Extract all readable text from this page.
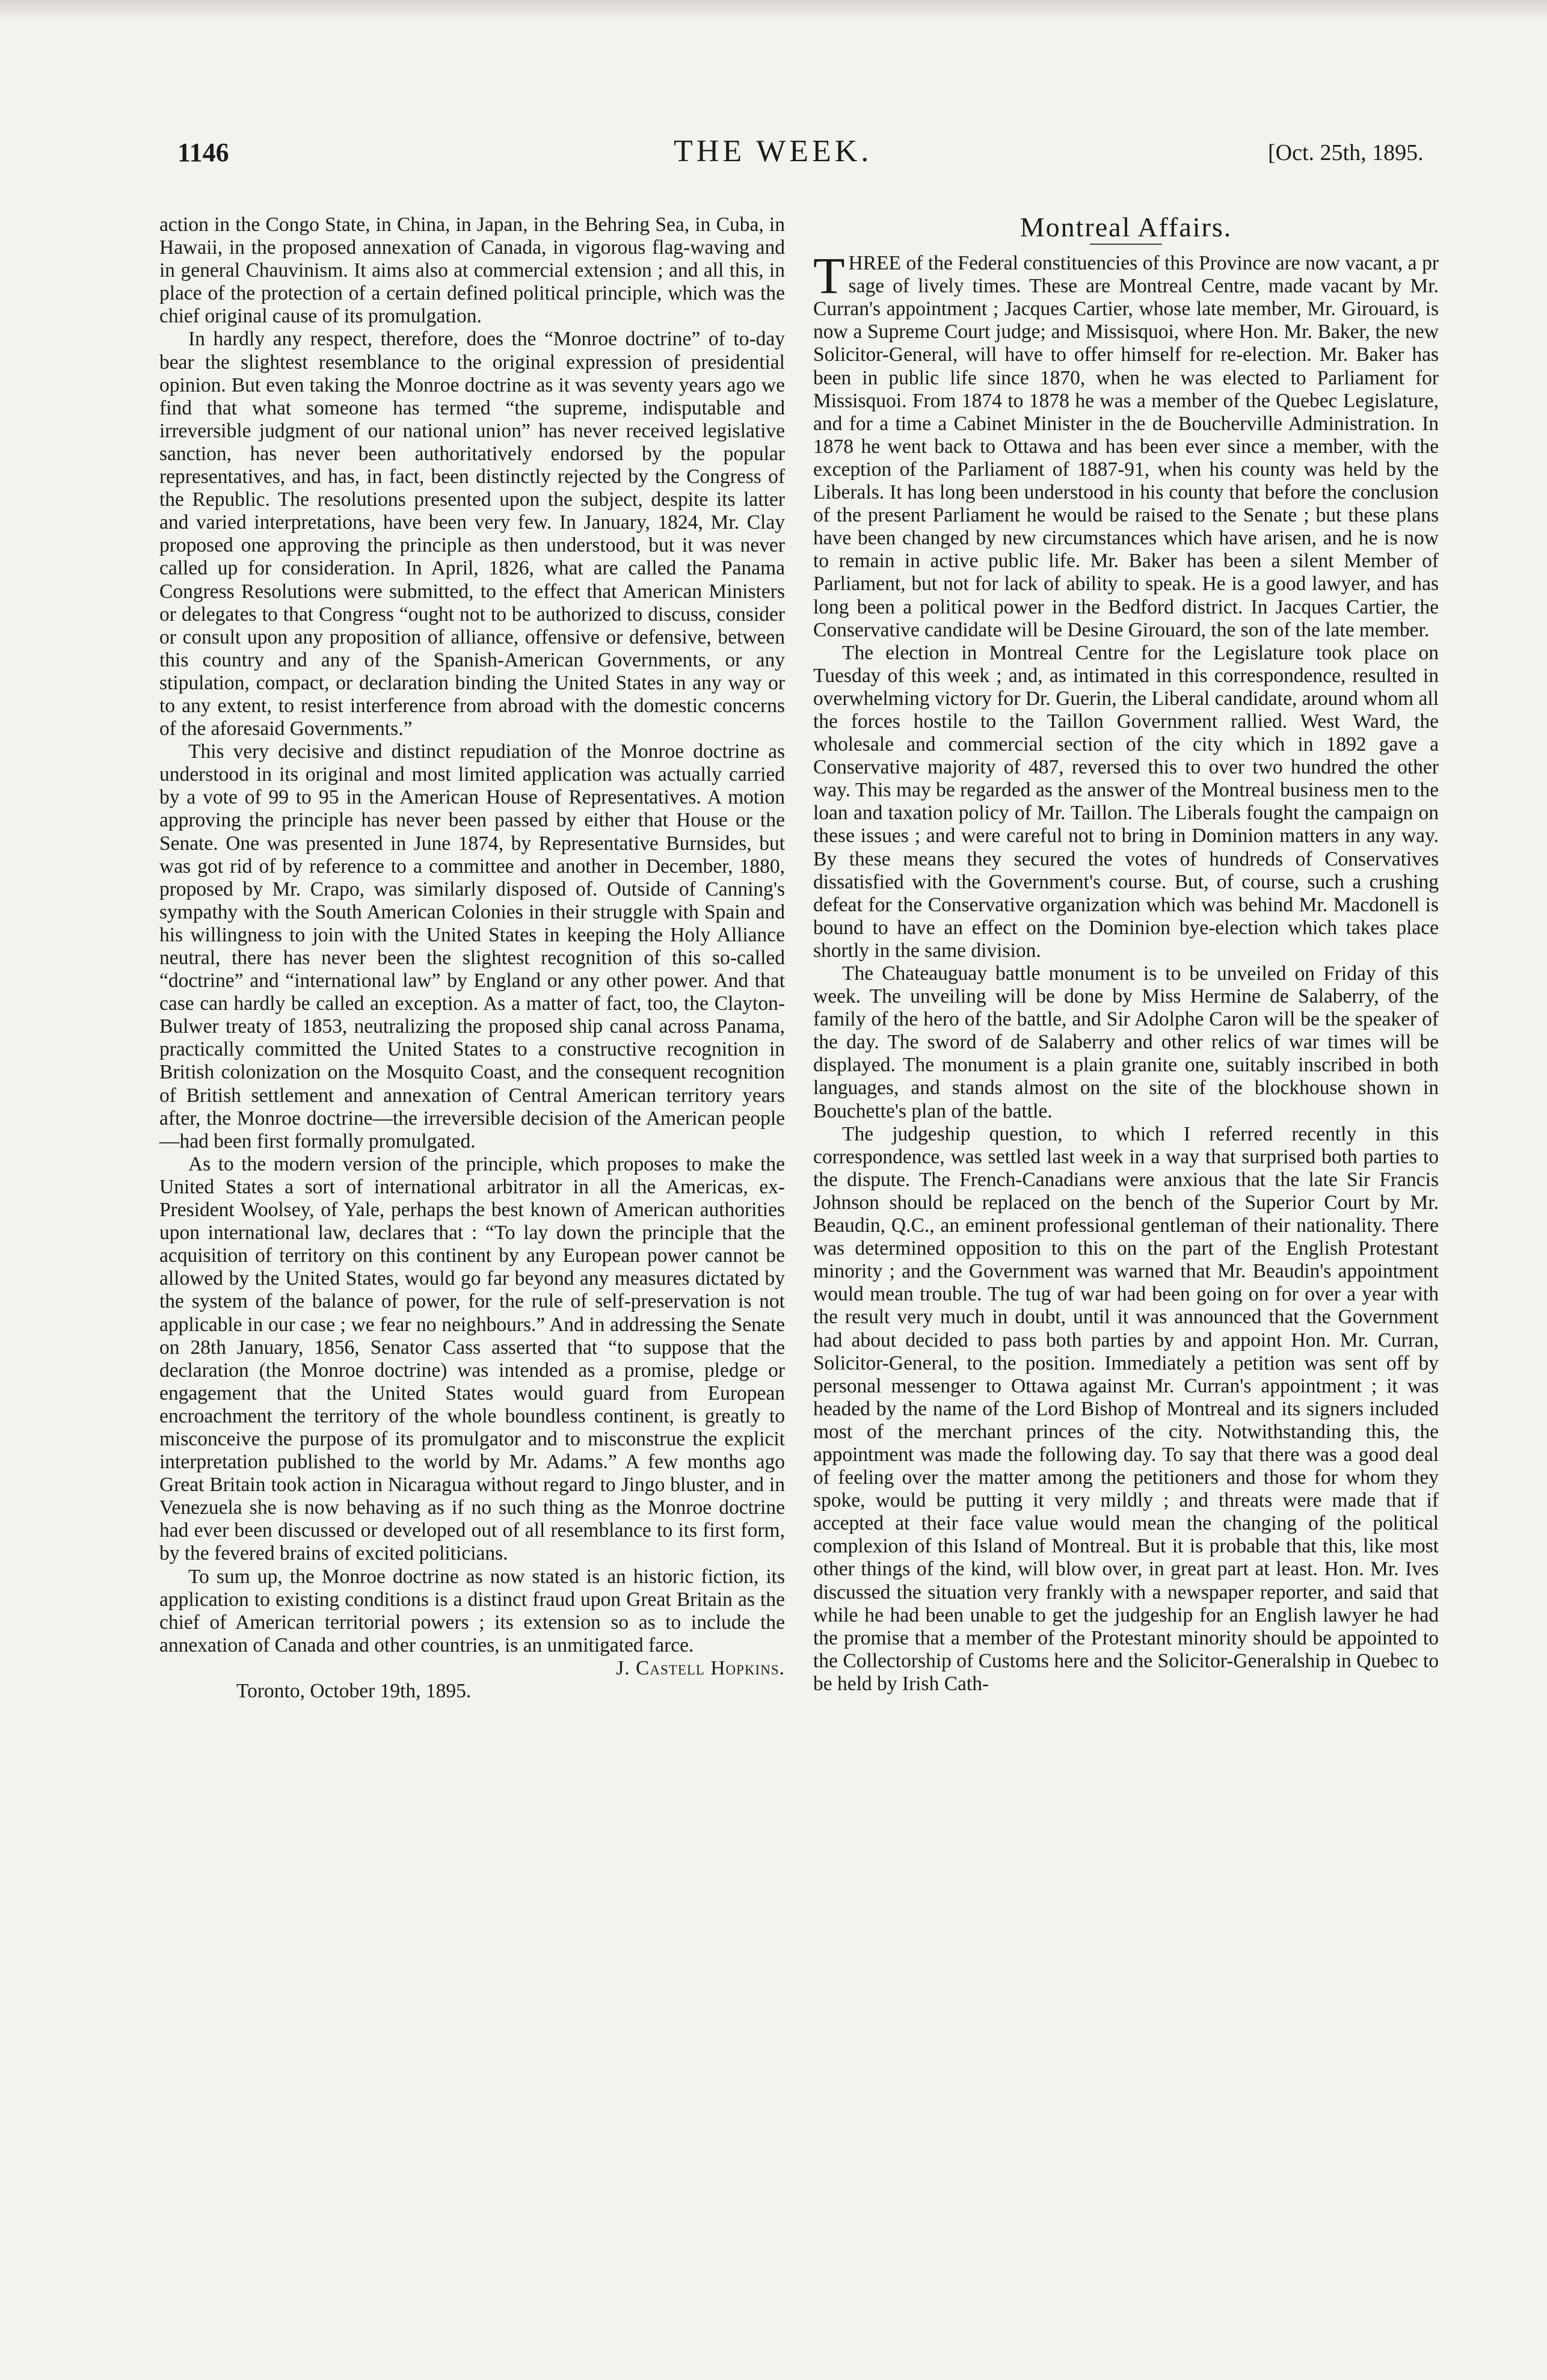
1146	THE WEEK.	[Oct. 25th, 1895.

action in the Congo State, in China, in Japan, in the Behring Sea, in Cuba, in Hawaii, in the proposed annexation of Canada, in vigorous flag-waving and in general Chauvinism. It aims also at commercial extension ; and all this, in place of the protection of a certain defined political principle, which was the chief original cause of its promulgation.

In hardly any respect, therefore, does the “Monroe doctrine” of to-day bear the slightest resemblance to the original expression of presidential opinion. But even taking the Monroe doctrine as it was seventy years ago we find that what someone has termed “the supreme, indisputable and irreversible judgment of our national union” has never received legislative sanction, has never been authoritatively endorsed by the popular representatives, and has, in fact, been distinctly rejected by the Congress of the Republic. The resolutions presented upon the subject, despite its latter and varied interpretations, have been very few. In January, 1824, Mr. Clay proposed one approving the principle as then understood, but it was never called up for consideration. In April, 1826, what are called the Panama Congress Resolutions were submitted, to the effect that American Ministers or delegates to that Congress “ought not to be authorized to discuss, consider or consult upon any proposition of alliance, offensive or defensive, between this country and any of the Spanish-American Governments, or any stipulation, compact, or declaration binding the United States in any way or to any extent, to resist interference from abroad with the domestic concerns of the aforesaid Governments.”

This very decisive and distinct repudiation of the Monroe doctrine as understood in its original and most limited application was actually carried by a vote of 99 to 95 in the American House of Representatives. A motion approving the principle has never been passed by either that House or the Senate. One was presented in June 1874, by Representative Burnsides, but was got rid of by reference to a committee and another in December, 1880, proposed by Mr. Crapo, was similarly disposed of. Outside of Canning's sympathy with the South American Colonies in their struggle with Spain and his willingness to join with the United States in keeping the Holy Alliance neutral, there has never been the slightest recognition of this so-called “doctrine” and “international law” by England or any other power. And that case can hardly be called an exception. As a matter of fact, too, the Clayton-Bulwer treaty of 1853, neutralizing the proposed ship canal across Panama, practically committed the United States to a constructive recognition in British colonization on the Mosquito Coast, and the consequent recognition of British settlement and annexation of Central American territory years after, the Monroe doctrine—the irreversible decision of the American people—had been first formally promulgated.

As to the modern version of the principle, which proposes to make the United States a sort of international arbitrator in all the Americas, ex-President Woolsey, of Yale, perhaps the best known of American authorities upon international law, declares that : “To lay down the principle that the acquisition of territory on this continent by any European power cannot be allowed by the United States, would go far beyond any measures dictated by the system of the balance of power, for the rule of self-preservation is not applicable in our case ; we fear no neighbours.” And in addressing the Senate on 28th January, 1856, Senator Cass asserted that “to suppose that the declaration (the Monroe doctrine) was intended as a promise, pledge or engagement that the United States would guard from European encroachment the territory of the whole boundless continent, is greatly to misconceive the purpose of its promulgator and to misconstrue the explicit interpretation published to the world by Mr. Adams.” A few months ago Great Britain took action in Nicaragua without regard to Jingo bluster, and in Venezuela she is now behaving as if no such thing as the Monroe doctrine had ever been discussed or developed out of all resemblance to its first form, by the fevered brains of excited politicians.

To sum up, the Monroe doctrine as now stated is an historic fiction, its application to existing conditions is a distinct fraud upon Great Britain as the chief of American territorial powers ; its extension so as to include the annexation of Canada and other countries, is an unmitigated farce.

J. Castell Hopkins.

Toronto, October 19th, 1895.

Montreal Affairs.

THREE of the Federal constituencies of this Province are now vacant, a pr sage of lively times. These are Montreal Centre, made vacant by Mr. Curran's appointment ; Jacques Cartier, whose late member, Mr. Girouard, is now a Supreme Court judge; and Missisquoi, where Hon. Mr. Baker, the new Solicitor-General, will have to offer himself for re-election. Mr. Baker has been in public life since 1870, when he was elected to Parliament for Missisquoi. From 1874 to 1878 he was a member of the Quebec Legislature, and for a time a Cabinet Minister in the de Boucherville Administration. In 1878 he went back to Ottawa and has been ever since a member, with the exception of the Parliament of 1887-91, when his county was held by the Liberals. It has long been understood in his county that before the conclusion of the present Parliament he would be raised to the Senate ; but these plans have been changed by new circumstances which have arisen, and he is now to remain in active public life. Mr. Baker has been a silent Member of Parliament, but not for lack of ability to speak. He is a good lawyer, and has long been a political power in the Bedford district. In Jacques Cartier, the Conservative candidate will be Desine Girouard, the son of the late member.

The election in Montreal Centre for the Legislature took place on Tuesday of this week ; and, as intimated in this correspondence, resulted in overwhelming victory for Dr. Guerin, the Liberal candidate, around whom all the forces hostile to the Taillon Government rallied. West Ward, the wholesale and commercial section of the city which in 1892 gave a Conservative majority of 487, reversed this to over two hundred the other way. This may be regarded as the answer of the Montreal business men to the loan and taxation policy of Mr. Taillon. The Liberals fought the campaign on these issues ; and were careful not to bring in Dominion matters in any way. By these means they secured the votes of hundreds of Conservatives dissatisfied with the Government's course. But, of course, such a crushing defeat for the Conservative organization which was behind Mr. Macdonell is bound to have an effect on the Dominion bye-election which takes place shortly in the same division.

The Chateauguay battle monument is to be unveiled on Friday of this week. The unveiling will be done by Miss Hermine de Salaberry, of the family of the hero of the battle, and Sir Adolphe Caron will be the speaker of the day. The sword of de Salaberry and other relics of war times will be displayed. The monument is a plain granite one, suitably inscribed in both languages, and stands almost on the site of the blockhouse shown in Bouchette's plan of the battle.

The judgeship question, to which I referred recently in this correspondence, was settled last week in a way that surprised both parties to the dispute. The French-Canadians were anxious that the late Sir Francis Johnson should be replaced on the bench of the Superior Court by Mr. Beaudin, Q.C., an eminent professional gentleman of their nationality. There was determined opposition to this on the part of the English Protestant minority ; and the Government was warned that Mr. Beaudin's appointment would mean trouble. The tug of war had been going on for over a year with the result very much in doubt, until it was announced that the Government had about decided to pass both parties by and appoint Hon. Mr. Curran, Solicitor-General, to the position. Immediately a petition was sent off by personal messenger to Ottawa against Mr. Curran's appointment ; it was headed by the name of the Lord Bishop of Montreal and its signers included most of the merchant princes of the city. Notwithstanding this, the appointment was made the following day. To say that there was a good deal of feeling over the matter among the petitioners and those for whom they spoke, would be putting it very mildly ; and threats were made that if accepted at their face value would mean the changing of the political complexion of this Island of Montreal. But it is probable that this, like most other things of the kind, will blow over, in great part at least. Hon. Mr. Ives discussed the situation very frankly with a newspaper reporter, and said that while he had been unable to get the judgeship for an English lawyer he had the promise that a member of the Protestant minority should be appointed to the Collectorship of Customs here and the Solicitor-Generalship in Quebec to be held by Irish Cath-
